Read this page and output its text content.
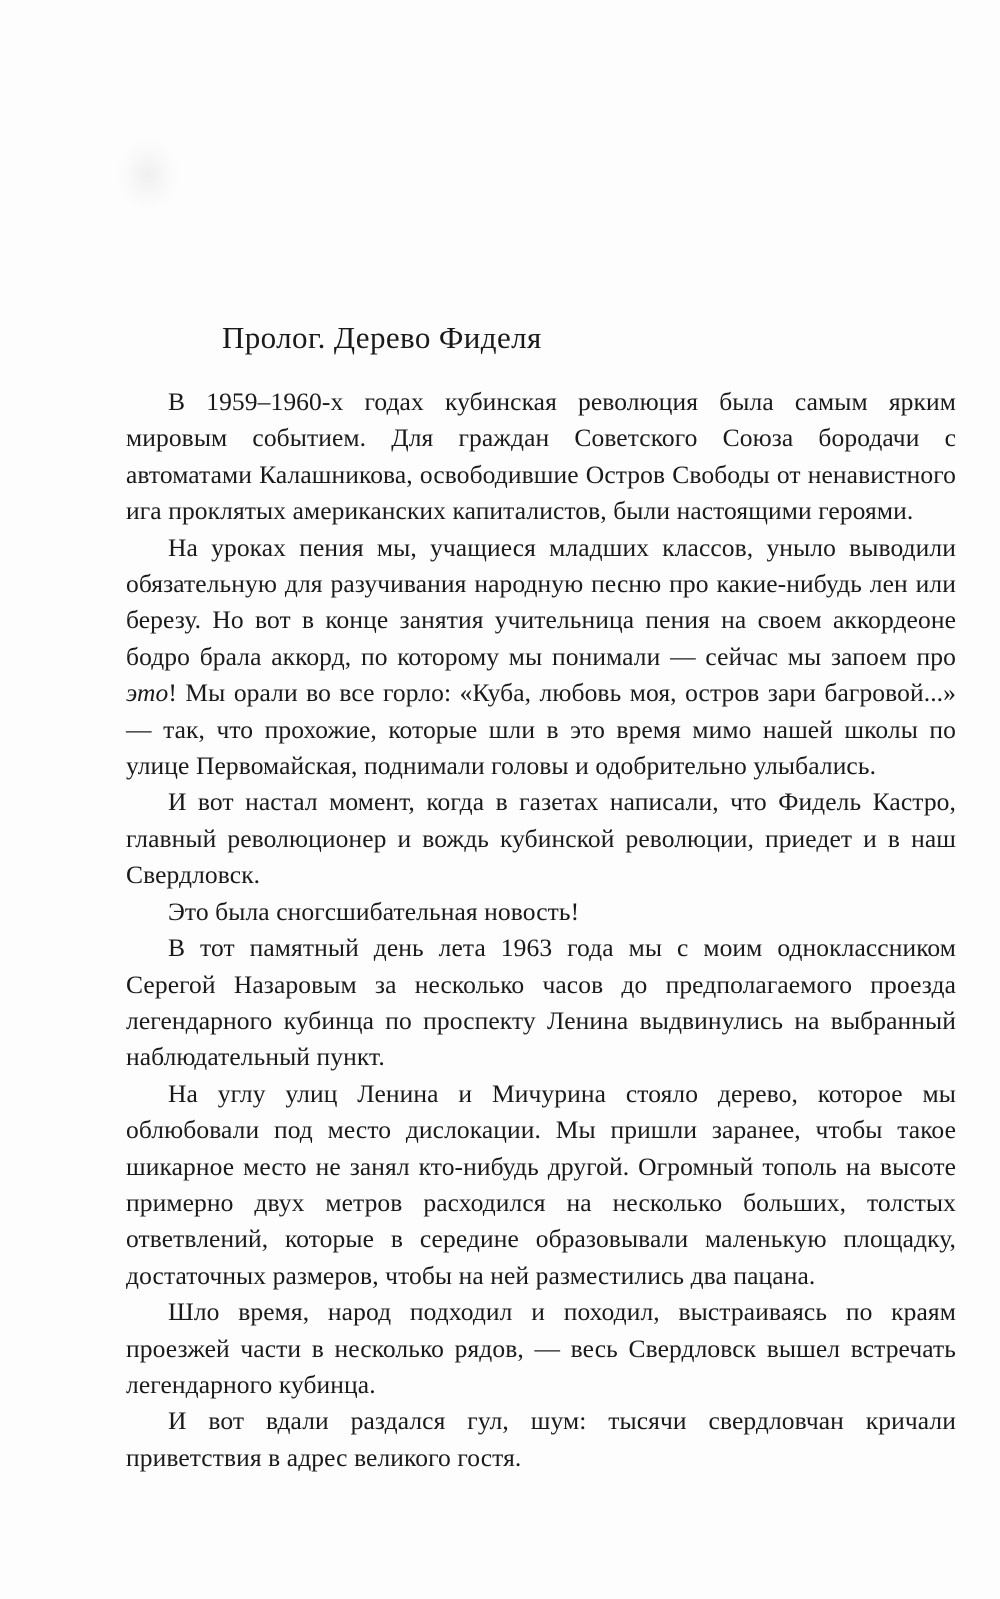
Пролог. Дерево Фиделя

В 1959–1960-х годах кубинская революция была самым ярким мировым событием. Для граждан Советского Союза бородачи с автоматами Калашникова, освободившие Остров Свободы от ненавистного ига проклятых американских капиталистов, были настоящими героями.

На уроках пения мы, учащиеся младших классов, уныло выводили обязательную для разучивания народную песню про какие-нибудь лен или березу. Но вот в конце занятия учительница пения на своем аккордеоне бодро брала аккорд, по которому мы понимали — сейчас мы запоем про это! Мы орали во все горло: «Куба, любовь моя, остров зари багровой...» — так, что прохожие, которые шли в это время мимо нашей школы по улице Первомайская, поднимали головы и одобрительно улыбались.

И вот настал момент, когда в газетах написали, что Фидель Кастро, главный революционер и вождь кубинской революции, приедет и в наш Свердловск.

Это была сногсшибательная новость!

В тот памятный день лета 1963 года мы с моим одноклассником Серегой Назаровым за несколько часов до предполагаемого проезда легендарного кубинца по проспекту Ленина выдвинулись на выбранный наблюдательный пункт.

На углу улиц Ленина и Мичурина стояло дерево, которое мы облюбовали под место дислокации. Мы пришли заранее, чтобы такое шикарное место не занял кто-нибудь другой. Огромный тополь на высоте примерно двух метров расходился на несколько больших, толстых ответвлений, которые в середине образовывали маленькую площадку, достаточных размеров, чтобы на ней разместились два пацана.

Шло время, народ подходил и походил, выстраиваясь по краям проезжей части в несколько рядов, — весь Свердловск вышел встречать легендарного кубинца.

И вот вдали раздался гул, шум: тысячи свердловчан кричали приветствия в адрес великого гостя.
